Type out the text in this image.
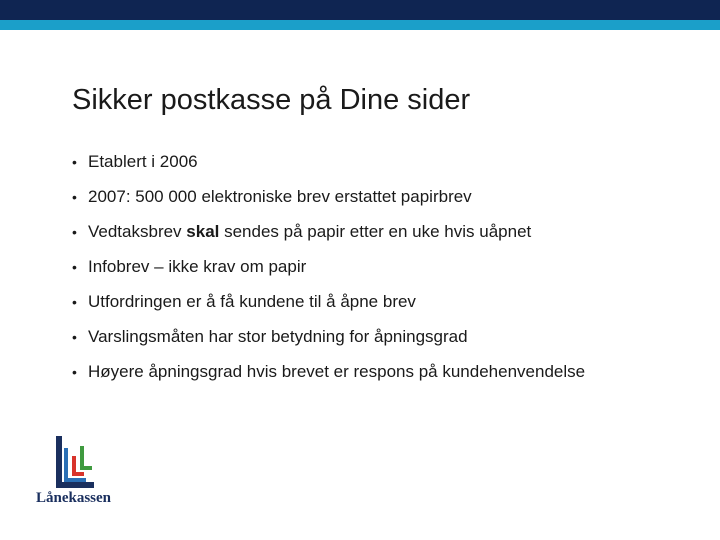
Sikker postkasse på Dine sider
• Etablert i 2006
• 2007: 500 000 elektroniske brev erstattet papirbrev
• Vedtaksbrev skal sendes på papir etter en uke hvis uåpnet
• Infobrev – ikke krav om papir
• Utfordringen er å få kundene til å åpne brev
• Varslingsmåten har stor betydning for åpningsgrad
• Høyere åpningsgrad hvis brevet er respons på kundehenvendelse
Lånekassen
